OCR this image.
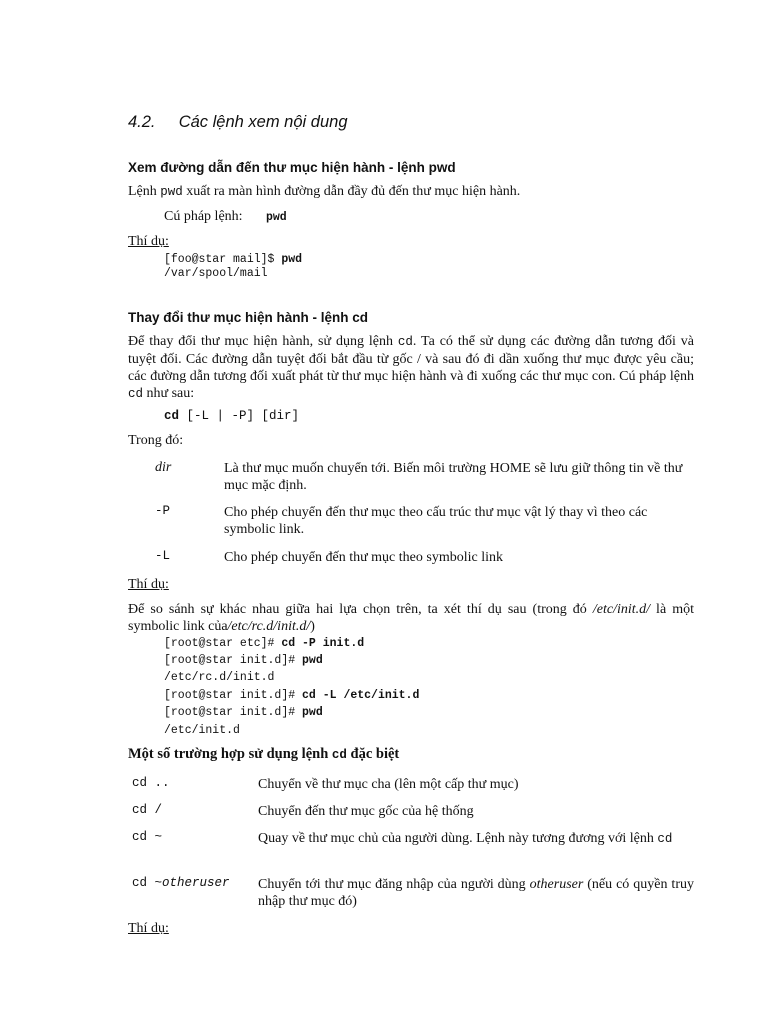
4.2. Các lệnh xem nội dung
Xem đường dẫn đến thư mục hiện hành - lệnh pwd
Lệnh pwd xuất ra màn hình đường dẫn đầy đủ đến thư mục hiện hành.
Cú pháp lệnh: pwd
Thí dụ:
[foo@star mail]$ pwd
/var/spool/mail
Thay đổi thư mục hiện hành - lệnh cd
Để thay đổi thư mục hiện hành, sử dụng lệnh cd. Ta có thể sử dụng các đường dẫn tương đối và tuyệt đối. Các đường dẫn tuyệt đối bắt đầu từ gốc / và sau đó đi dần xuống thư mục được yêu cầu; các đường dẫn tương đối xuất phát từ thư mục hiện hành và đi xuống các thư mục con. Cú pháp lệnh cd như sau:
cd [-L | -P] [dir]
Trong đó:
dir	Là thư mục muốn chuyển tới. Biến môi trường HOME sẽ lưu giữ thông tin về thư mục mặc định.
-P	Cho phép chuyển đến thư mục theo cấu trúc thư mục vật lý thay vì theo các symbolic link.
-L	Cho phép chuyển đến thư mục theo symbolic link
Thí dụ:
Để so sánh sự khác nhau giữa hai lựa chọn trên, ta xét thí dụ sau (trong đó /etc/init.d/ là một symbolic link của/etc/rc.d/init.d/)
[root@star etc]# cd -P init.d
[root@star init.d]# pwd
/etc/rc.d/init.d
[root@star init.d]# cd -L /etc/init.d
[root@star init.d]# pwd
/etc/init.d
Một số trường hợp sử dụng lệnh cd đặc biệt
cd ..	Chuyển về thư mục cha (lên một cấp thư mục)
cd /	Chuyển đến thư mục gốc của hệ thống
cd ~	Quay về thư mục chủ của người dùng. Lệnh này tương đương với lệnh cd
cd ~otheruser Chuyển tới thư mục đăng nhập của người dùng otheruser (nếu có quyền truy nhập thư mục đó)
Thí dụ:
